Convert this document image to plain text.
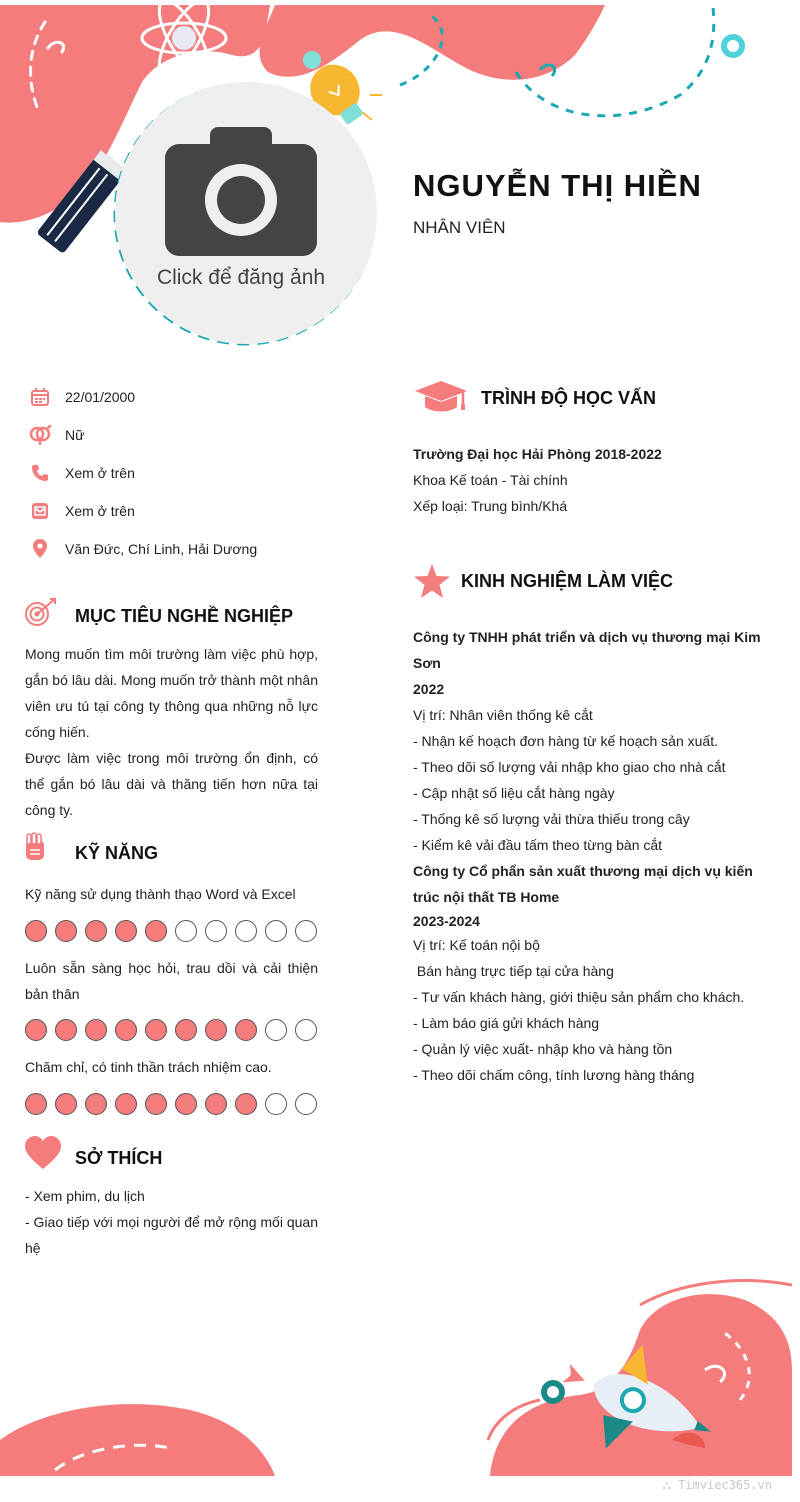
Click để đăng ảnh
NGUYỄN THỊ HIỀN
NHÂN VIÊN
22/01/2000
Nữ
Xem ở trên
Xem ở trên
Văn Đức, Chí Linh, Hải Dương
MỤC TIÊU NGHỀ NGHIỆP

Mong muốn tìm môi trường làm việc phù hợp, gắn bó lâu dài. Mong muốn trở thành một nhân viên ưu tú tại công ty thông qua những nỗ lực cống hiến.

Được làm việc trong môi trường ổn định, có thể gắn bó lâu dài và thăng tiến hơn nữa tại công ty.

KỸ NĂNG
Kỹ năng sử dụng thành thạo Word và Excel
Luôn sẵn sàng học hỏi, trau dồi và cải thiện bản thân
Chăm chỉ, có tinh thần trách nhiệm cao.
SỞ THÍCH

- Xem phim, du lịch

- Giao tiếp với mọi người để mở rộng mối quan hệ

TRÌNH ĐỘ HỌC VẤN

Trường Đại học Hải Phòng 2018-2022

Khoa Kế toán - Tài chính

Xếp loại: Trung bình/Khá

KINH NGHIỆM LÀM VIỆC

Công ty TNHH phát triển và dịch vụ thương mại Kim Sơn

2022

Vị trí: Nhân viên thống kê cắt

- Nhận kế hoạch đơn hàng từ kế hoạch sản xuất.

- Theo dõi số lượng vải nhập kho giao cho nhà cắt

- Cập nhật số liệu cắt hàng ngày

- Thống kê số lượng vải thừa thiếu trong cây

- Kiểm kê vải đầu tấm theo từng bàn cắt

Công ty Cổ phẩn sản xuất thương mại dịch vụ kiến trúc nội thất TB Home

2023-2024

Vị trí: Kế toán nội bộ

Bán hàng trực tiếp tại cửa hàng

- Tư vấn khách hàng, giới thiệu sản phẩm cho khách.

- Làm báo giá gửi khách hàng

- Quản lý việc xuất- nhập kho và hàng tồn

- Theo dõi chấm công, tính lương hàng tháng

⛬ Timviec365.vn
